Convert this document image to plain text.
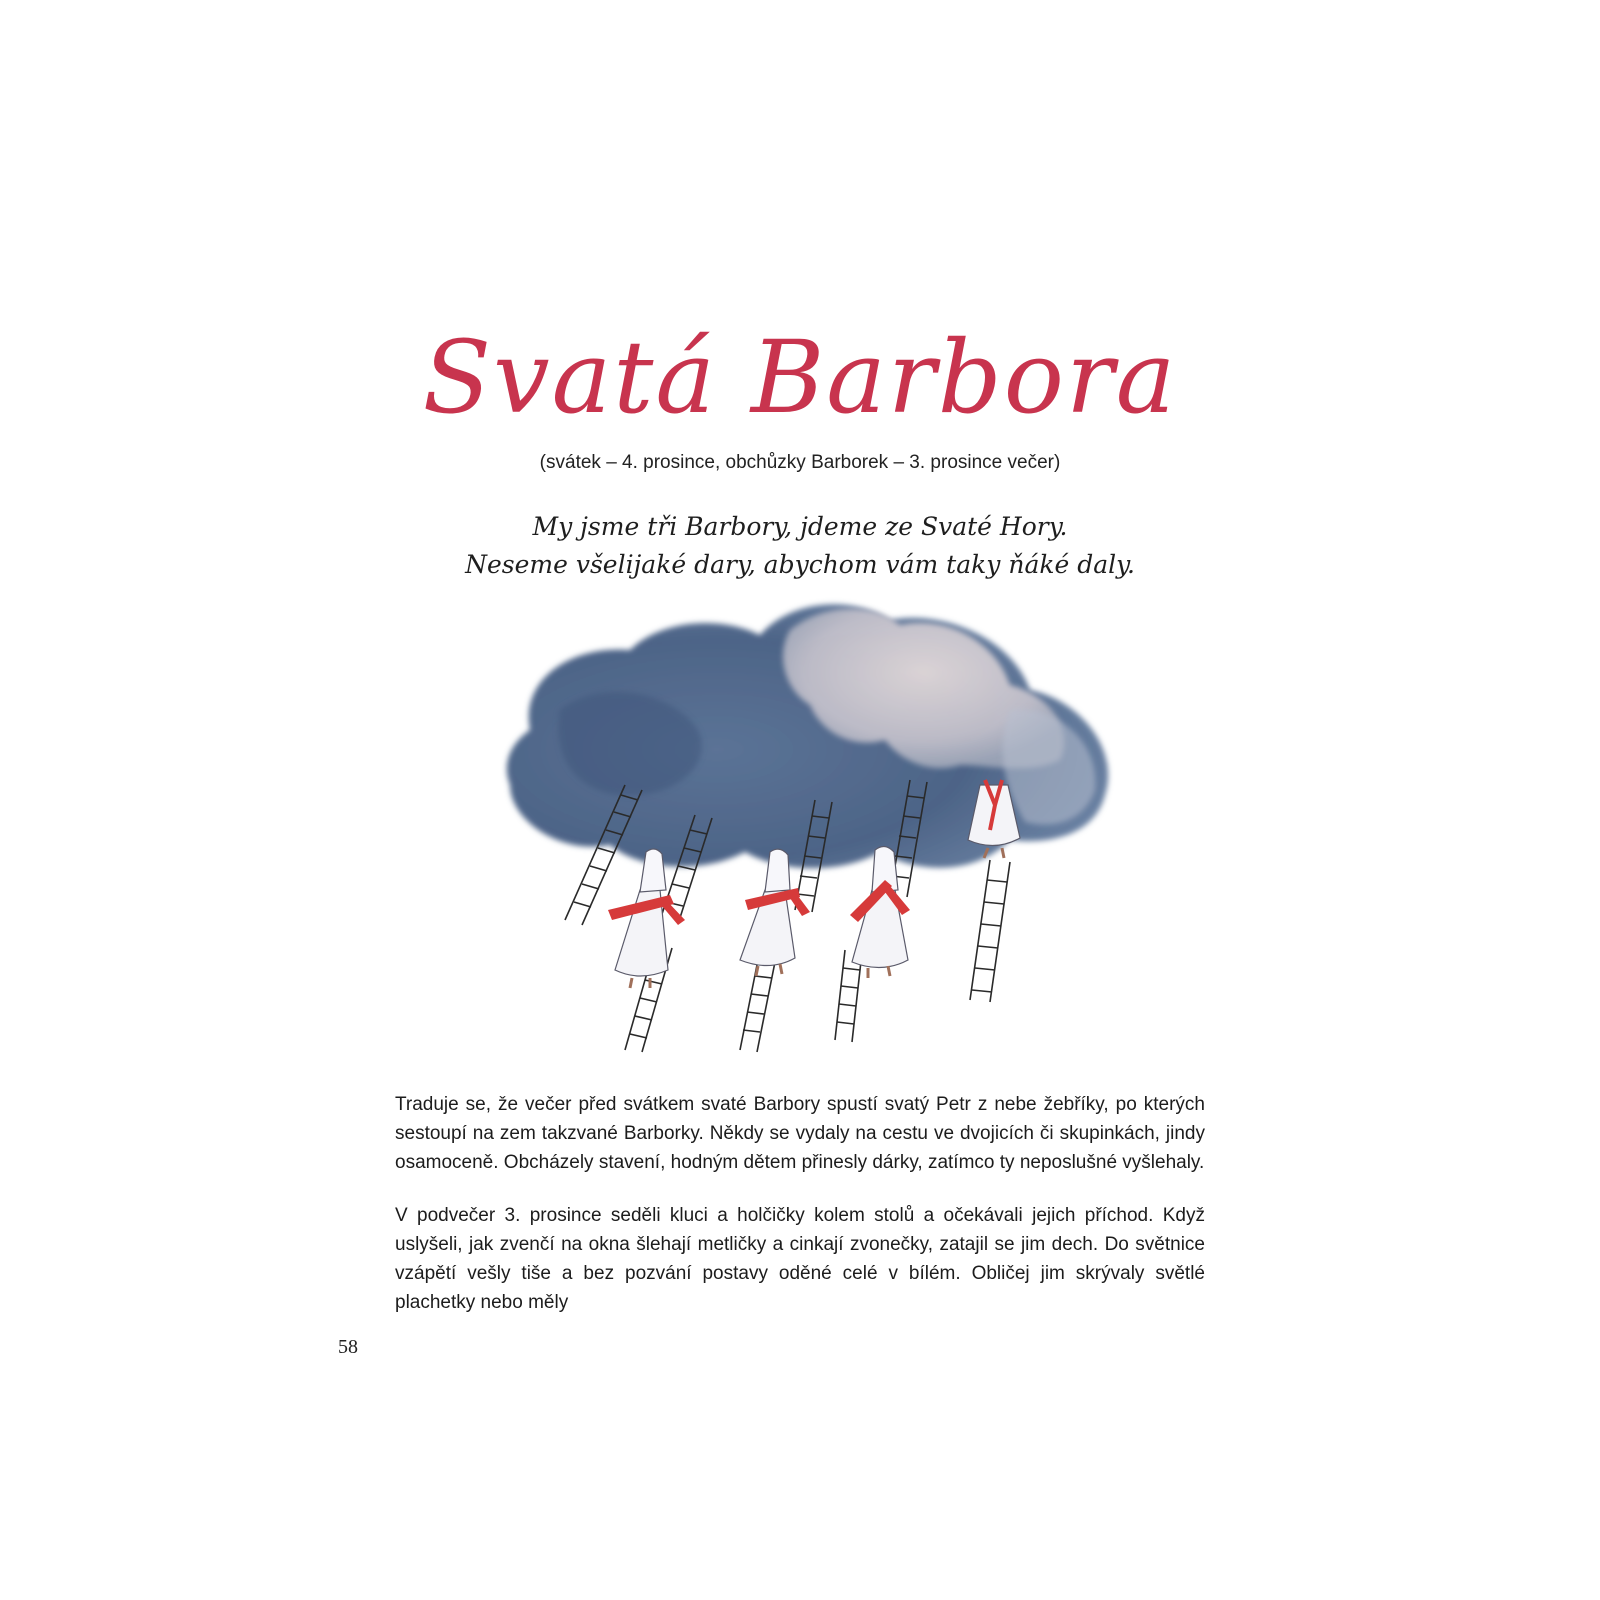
Svatá Barbora
(svátek – 4. prosince, obchůzky Barborek – 3. prosince večer)
My jsme tři Barbory, jdeme ze Svaté Hory.
Neseme všelijaké dary, abychom vám taky ňáké daly.

Traduje se, že večer před svátkem svaté Barbory spustí svatý Petr z nebe žebříky, po kterých sestoupí na zem takzvané Barborky. Někdy se vydaly na cestu ve dvojicích či skupinkách, jindy osamoceně. Obcházely stavení, hodným dětem přinesly dárky, zatímco ty neposlušné vyšlehaly.

V podvečer 3. prosince seděli kluci a holčičky kolem stolů a očekávali jejich příchod. Když uslyšeli, jak zvenčí na okna šlehají metličky a cinkají zvonečky, zatajil se jim dech. Do světnice vzápětí vešly tiše a bez pozvání postavy oděné celé v bílém. Obličej jim skrývaly světlé plachetky nebo měly

58
